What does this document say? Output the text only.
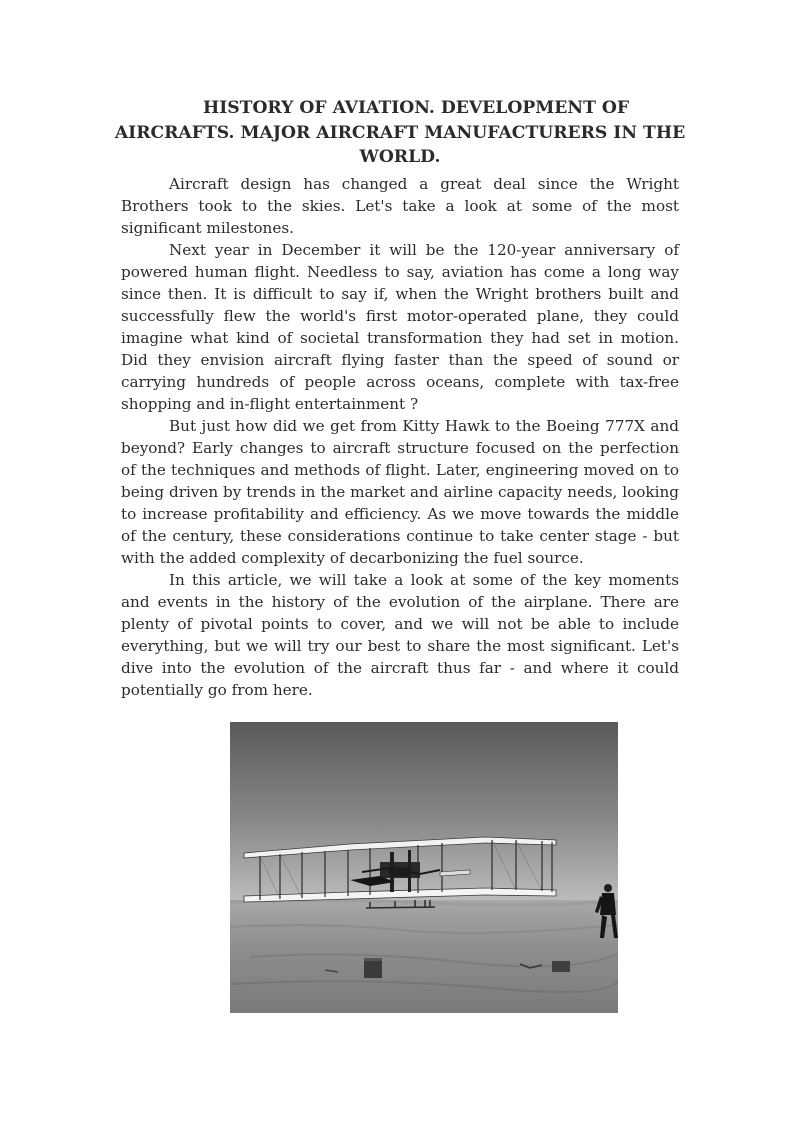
HISTORY OF AVIATION. DEVELOPMENT OF AIRCRAFTS. MAJOR AIRCRAFT MANUFACTURERS IN THE WORLD.

Aircraft design has changed a great deal since the Wright Brothers took to the skies. Let's take a look at some of the most significant milestones.

Next year in December it will be the 120-year anniversary of powered human flight. Needless to say, aviation has come a long way since then. It is difficult to say if, when the Wright brothers built and successfully flew the world's first motor-operated plane, they could imagine what kind of societal transformation they had set in motion. Did they envision aircraft flying faster than the speed of sound or carrying hundreds of people across oceans, complete with tax-free shopping and in-flight entertainment ?

But just how did we get from Kitty Hawk to the Boeing 777X and beyond? Early changes to aircraft structure focused on the perfection of the techniques and methods of flight. Later, engineering moved on to being driven by trends in the market and airline capacity needs, looking to increase profitability and efficiency. As we move towards the middle of the century, these considerations continue to take center stage - but with the added complexity of decarbonizing the fuel source.

In this article, we will take a look at some of the key moments and events in the history of the evolution of the airplane. There are plenty of pivotal points to cover, and we will not be able to include everything, but we will try our best to share the most significant. Let's dive into the evolution of the aircraft thus far - and where it could potentially go from here.
